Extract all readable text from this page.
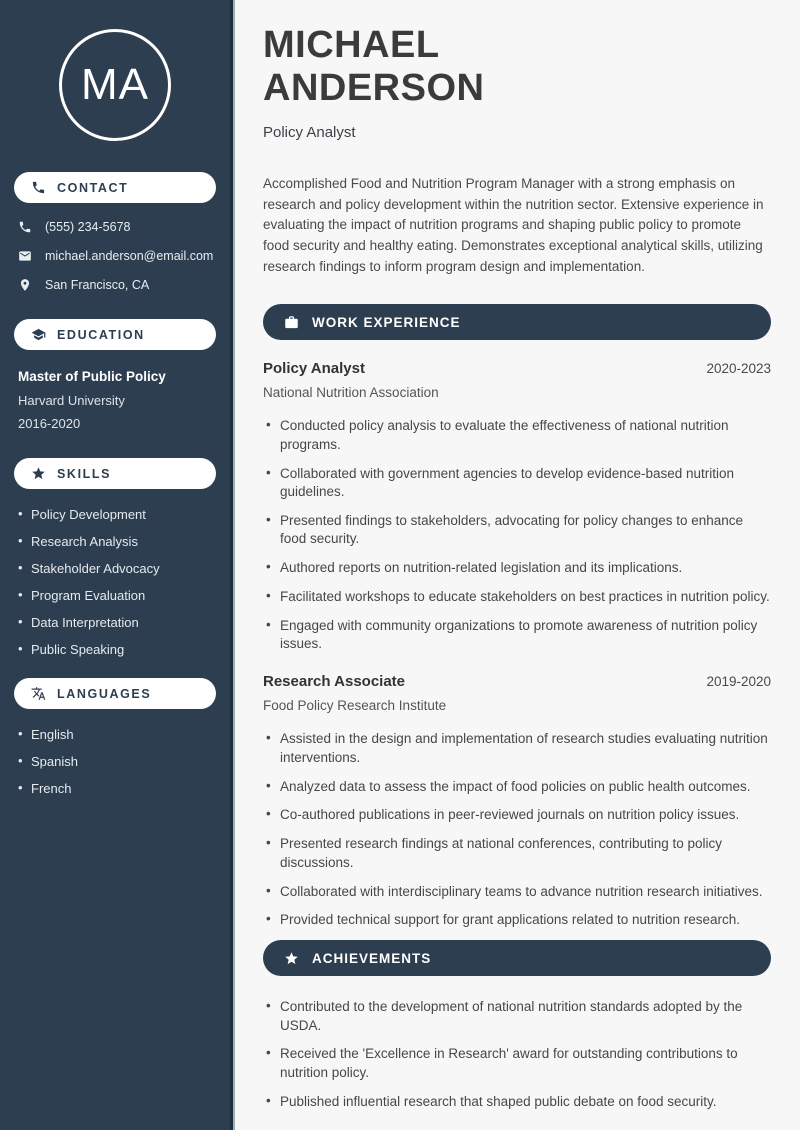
MA
CONTACT
(555) 234-5678
michael.anderson@email.com
San Francisco, CA
EDUCATION
Master of Public Policy
Harvard University
2016-2020
SKILLS
• Policy Development
• Research Analysis
• Stakeholder Advocacy
• Program Evaluation
• Data Interpretation
• Public Speaking
LANGUAGES
• English
• Spanish
• French
MICHAEL
ANDERSON
Policy Analyst

Accomplished Food and Nutrition Program Manager with a strong emphasis on research and policy development within the nutrition sector. Extensive experience in evaluating the impact of nutrition programs and shaping public policy to promote food security and healthy eating. Demonstrates exceptional analytical skills, utilizing research findings to inform program design and implementation.

WORK EXPERIENCE
Policy Analyst	2020-2023
National Nutrition Association
• Conducted policy analysis to evaluate the effectiveness of national nutrition programs.
• Collaborated with government agencies to develop evidence-based nutrition guidelines.
• Presented findings to stakeholders, advocating for policy changes to enhance food security.
• Authored reports on nutrition-related legislation and its implications.
• Facilitated workshops to educate stakeholders on best practices in nutrition policy.
• Engaged with community organizations to promote awareness of nutrition policy issues.
Research Associate	2019-2020
Food Policy Research Institute
• Assisted in the design and implementation of research studies evaluating nutrition interventions.
• Analyzed data to assess the impact of food policies on public health outcomes.
• Co-authored publications in peer-reviewed journals on nutrition policy issues.
• Presented research findings at national conferences, contributing to policy discussions.
• Collaborated with interdisciplinary teams to advance nutrition research initiatives.
• Provided technical support for grant applications related to nutrition research.
ACHIEVEMENTS
• Contributed to the development of national nutrition standards adopted by the USDA.
• Received the 'Excellence in Research' award for outstanding contributions to nutrition policy.
• Published influential research that shaped public debate on food security.
